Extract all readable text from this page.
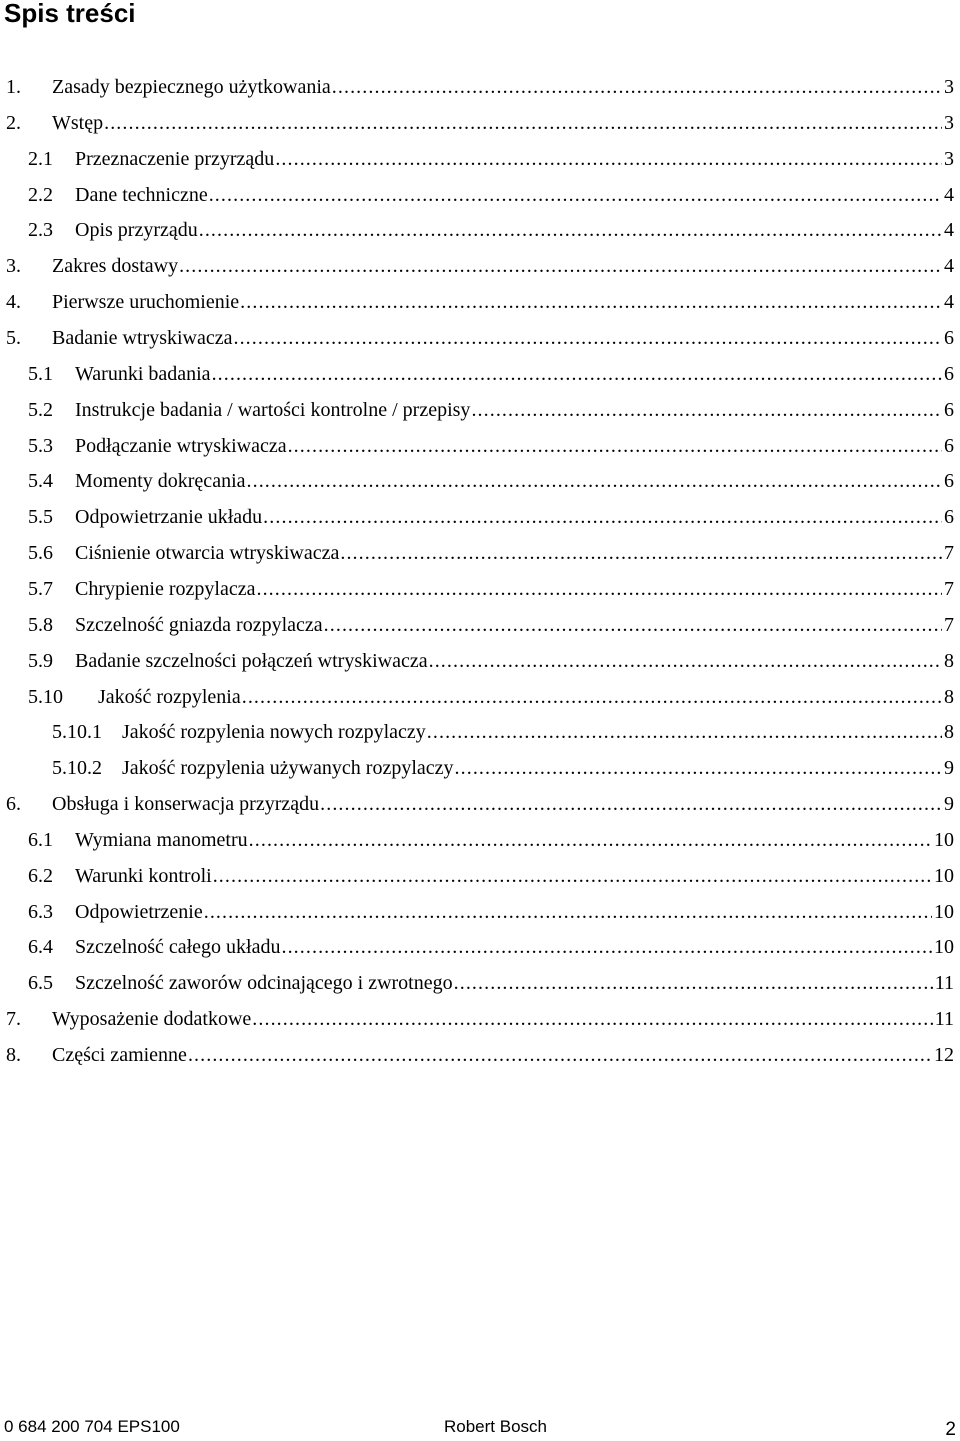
Spis treści
1.	Zasady bezpiecznego użytkowania .....	3
2.	Wstęp .....	3
2.1	Przeznaczenie przyrządu .....	3
2.2	Dane techniczne .....	4
2.3	Opis przyrządu .....	4
3.	Zakres dostawy .....	4
4.	Pierwsze uruchomienie .....	4
5.	Badanie wtryskiwacza .....	6
5.1	Warunki badania .....	6
5.2	Instrukcje badania / wartości kontrolne / przepisy .....	6
5.3	Podłączanie wtryskiwacza .....	6
5.4	Momenty dokręcania .....	6
5.5	Odpowietrzanie układu .....	6
5.6	Ciśnienie otwarcia wtryskiwacza .....	7
5.7	Chrypienie rozpylacza .....	7
5.8	Szczelność gniazda rozpylacza .....	7
5.9	Badanie szczelności połączeń wtryskiwacza .....	8
5.10	Jakość rozpylenia .....	8
5.10.1	Jakość rozpylenia nowych rozpylaczy .....	8
5.10.2	Jakość rozpylenia używanych rozpylaczy .....	9
6.	Obsługa i konserwacja przyrządu .....	9
6.1	Wymiana manometru .....	10
6.2	Warunki kontroli .....	10
6.3	Odpowietrzenie .....	10
6.4	Szczelność całego układu .....	10
6.5	Szczelność zaworów odcinającego i zwrotnego .....	11
7.	Wyposażenie dodatkowe .....	11
8.	Części zamienne .....	12
0 684 200 704 EPS100	Robert Bosch	2
